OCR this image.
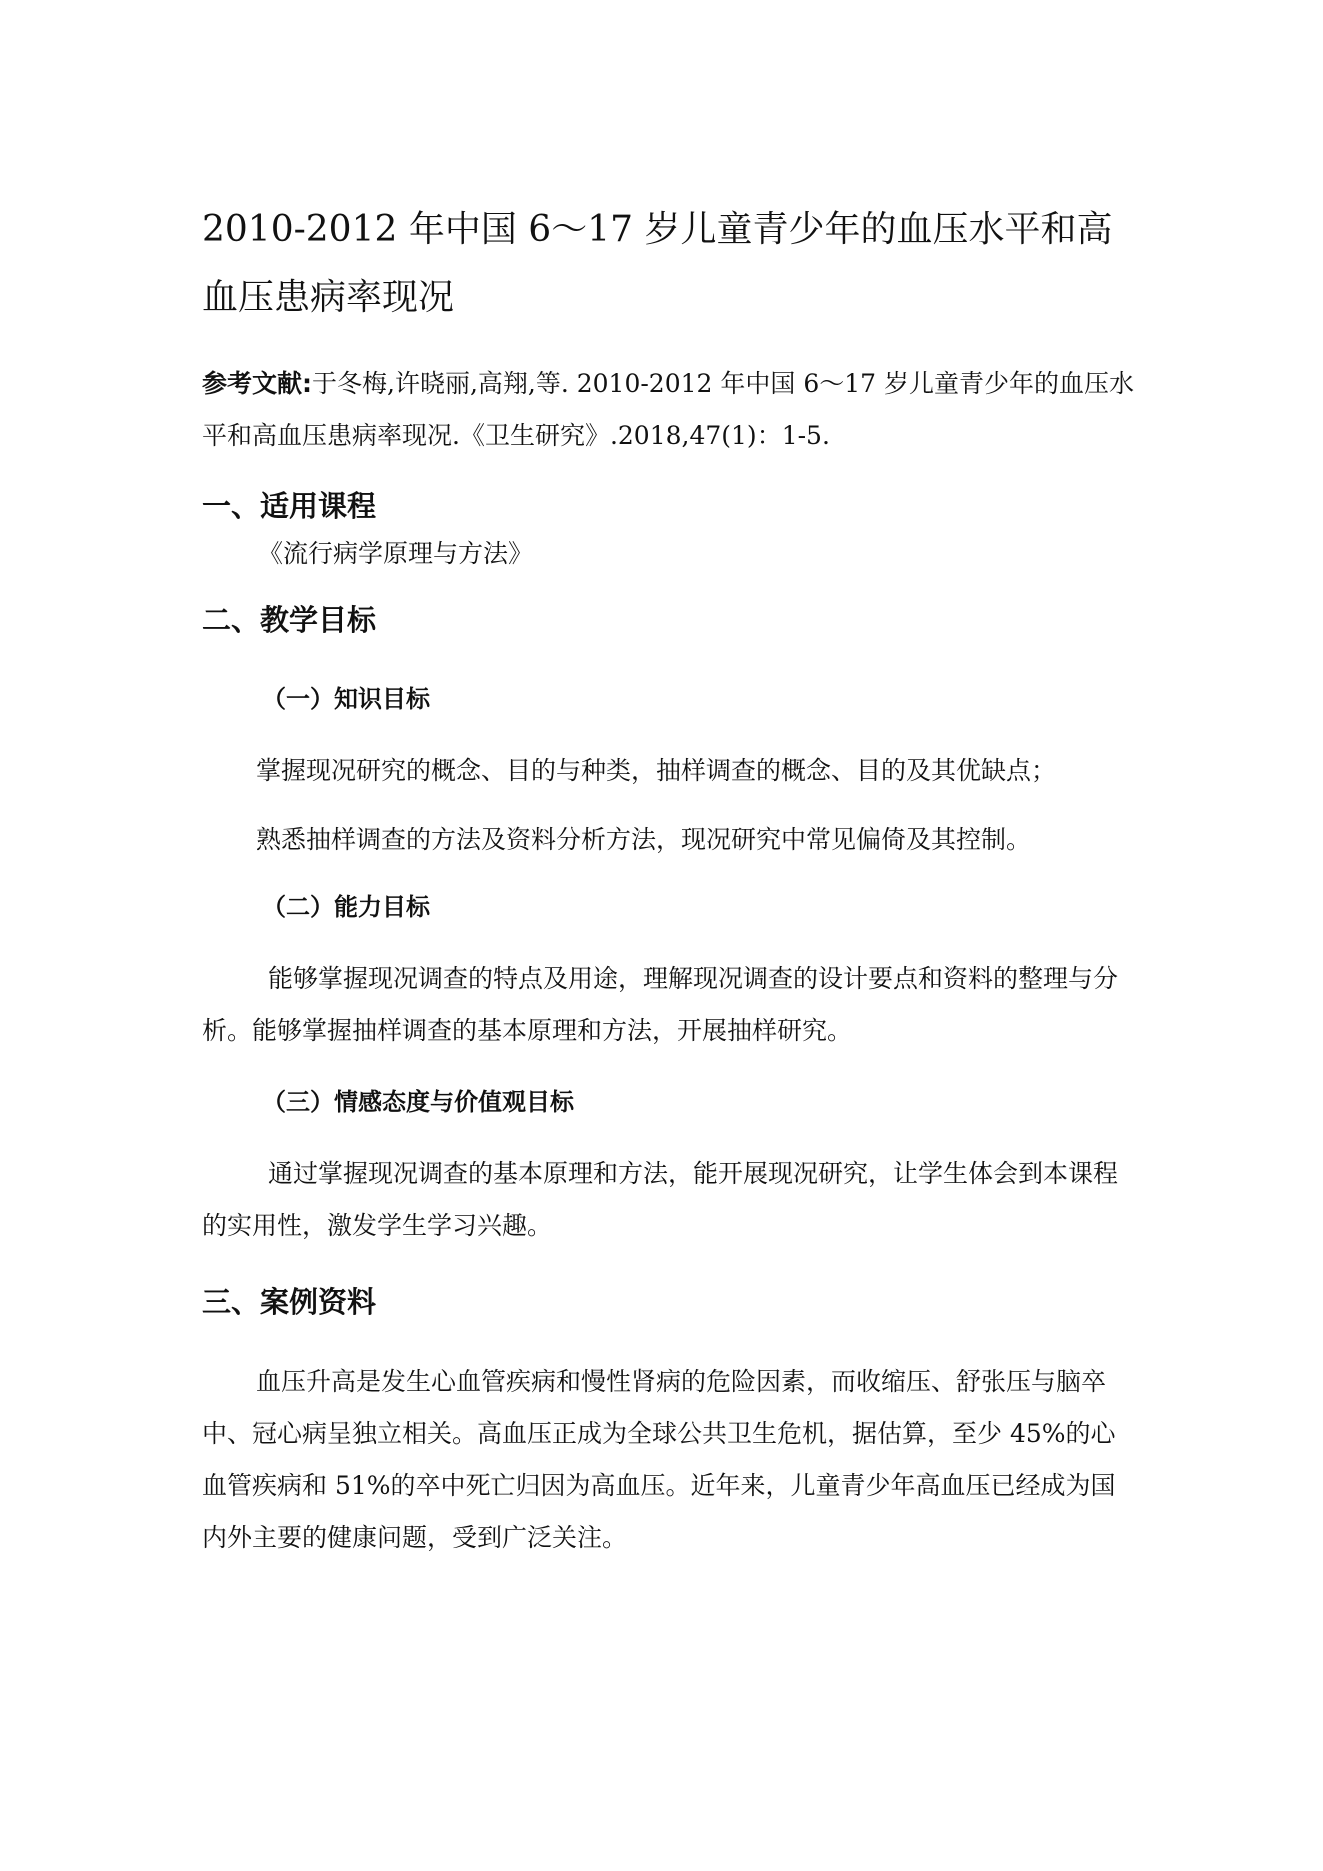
2010-2012 年中国 6～17 岁儿童青少年的血压水平和高血压患病率现况

参考文献:于冬梅,许晓丽,高翔,等. 2010-2012 年中国 6～17 岁儿童青少年的血压水平和高血压患病率现况.《卫生研究》.2018,47(1)：1-5.

一、适用课程

《流行病学原理与方法》

二、教学目标
（一）知识目标

掌握现况研究的概念、目的与种类，抽样调查的概念、目的及其优缺点；

熟悉抽样调查的方法及资料分析方法，现况研究中常见偏倚及其控制。

（二）能力目标

能够掌握现况调查的特点及用途，理解现况调查的设计要点和资料的整理与分析。能够掌握抽样调查的基本原理和方法，开展抽样研究。

（三）情感态度与价值观目标

通过掌握现况调查的基本原理和方法，能开展现况研究，让学生体会到本课程的实用性，激发学生学习兴趣。

三、案例资料

血压升高是发生心血管疾病和慢性肾病的危险因素，而收缩压、舒张压与脑卒中、冠心病呈独立相关。高血压正成为全球公共卫生危机，据估算，至少 45%的心血管疾病和 51%的卒中死亡归因为高血压。近年来，儿童青少年高血压已经成为国内外主要的健康问题，受到广泛关注。
